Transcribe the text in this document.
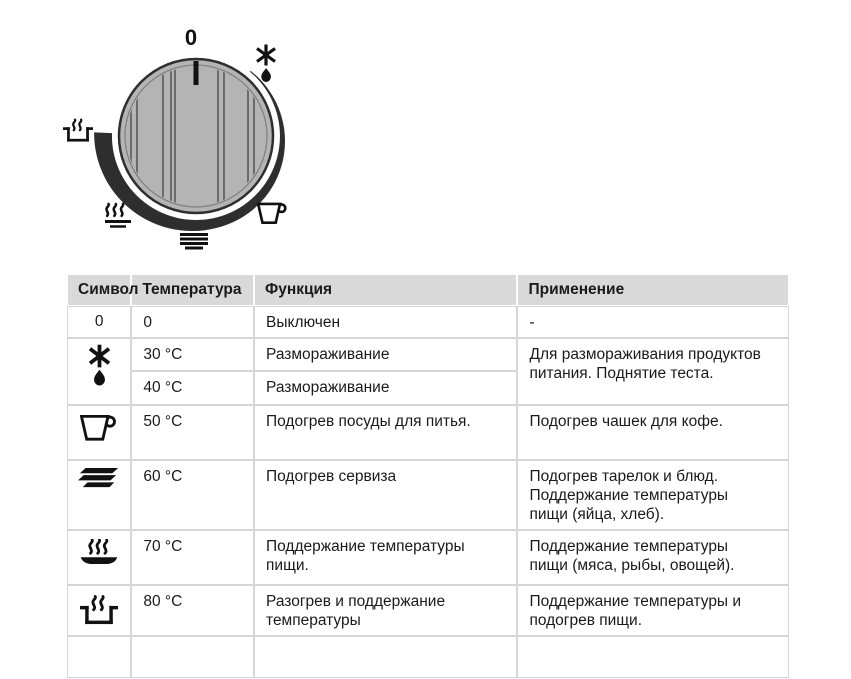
0
Символ	Температура	Функция	Применение
0	0	Выключен	-
	30 °C	Размораживание	Для размораживания продуктов питания. Поднятие теста.
	40 °C	Размораживание	
	50 °C	Подогрев посуды для питья.	Подогрев чашек для кофе.
	60 °C	Подогрев сервиза	Подогрев тарелок и блюд. Поддержание температуры пищи (яйца, хлеб).
	70 °C	Поддержание температуры пищи.	Поддержание температуры пищи (мяса, рыбы, овощей).
	80 °C	Разогрев и поддержание температуры	Поддержание температуры и подогрев пищи.
